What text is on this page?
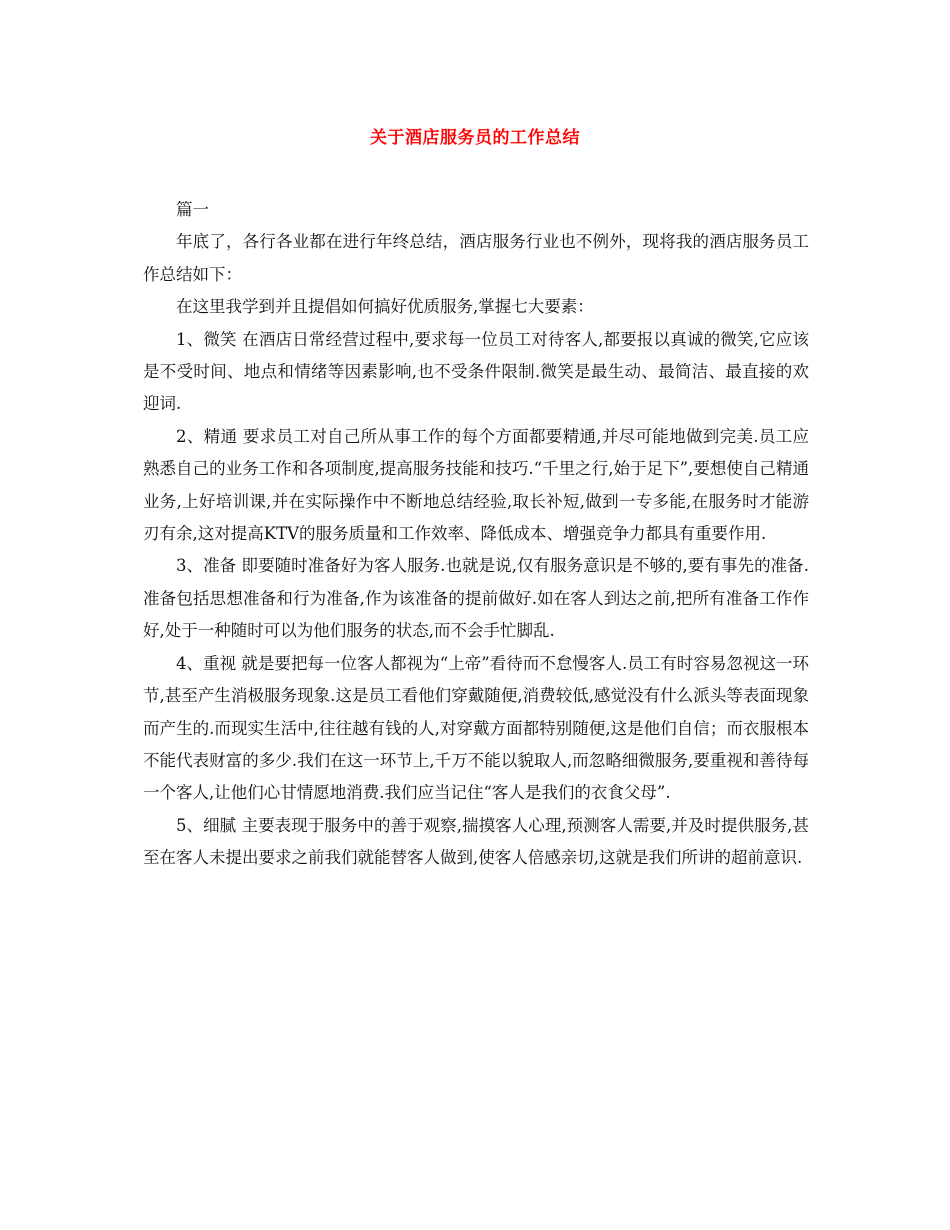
关于酒店服务员的工作总结

篇一

年底了，各行各业都在进行年终总结，酒店服务行业也不例外，现将我的酒店服务员工作总结如下：

在这里我学到并且提倡如何搞好优质服务,掌握七大要素：

1、微笑 在酒店日常经营过程中,要求每一位员工对待客人,都要报以真诚的微笑,它应该是不受时间、地点和情绪等因素影响,也不受条件限制.微笑是最生动、最简洁、最直接的欢迎词.

2、精通 要求员工对自己所从事工作的每个方面都要精通,并尽可能地做到完美.员工应熟悉自己的业务工作和各项制度,提高服务技能和技巧.“千里之行,始于足下”,要想使自己精通业务,上好培训课,并在实际操作中不断地总结经验,取长补短,做到一专多能,在服务时才能游刃有余,这对提高KTV的服务质量和工作效率、降低成本、增强竞争力都具有重要作用.

3、准备 即要随时准备好为客人服务.也就是说,仅有服务意识是不够的,要有事先的准备.准备包括思想准备和行为准备,作为该准备的提前做好.如在客人到达之前,把所有准备工作作好,处于一种随时可以为他们服务的状态,而不会手忙脚乱.

4、重视 就是要把每一位客人都视为“上帝”看待而不怠慢客人.员工有时容易忽视这一环节,甚至产生消极服务现象.这是员工看他们穿戴随便,消费较低,感觉没有什么派头等表面现象而产生的.而现实生活中,往往越有钱的人,对穿戴方面都特别随便,这是他们自信；而衣服根本不能代表财富的多少.我们在这一环节上,千万不能以貌取人,而忽略细微服务,要重视和善待每一个客人,让他们心甘情愿地消费.我们应当记住“客人是我们的衣食父母”.

5、细腻 主要表现于服务中的善于观察,揣摸客人心理,预测客人需要,并及时提供服务,甚至在客人未提出要求之前我们就能替客人做到,使客人倍感亲切,这就是我们所讲的超前意识.
